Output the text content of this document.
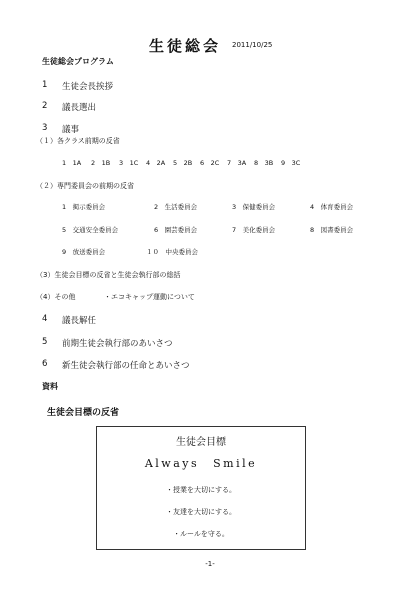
生徒総会 2011/10/25
生徒総会プログラム
1 生徒会長挨拶
2 議長選出
3 議事
（１）各クラス前期の反省
1　1A 2　1B 3　1C 4　2A 5　2B 6　2C 7　3A 8　3B 9　3C
（２）専門委員会の前期の反省
1　掲示委員会	2　生活委員会	3　保健委員会	4　体育委員会
5　交通安全委員会	6　園芸委員会	7　美化委員会	8　図書委員会
9　放送委員会	１０　中央委員会
（3）生徒会目標の反省と生徒会執行部の総括
（4）その他	・エコキャップ運動について
4 議長解任
5 前期生徒会執行部のあいさつ
6 新生徒会執行部の任命とあいさつ
資料
生徒会目標の反省
生徒会目標
Always Smile
・授業を大切にする。
・友達を大切にする。
・ルールを守る。
-1-
